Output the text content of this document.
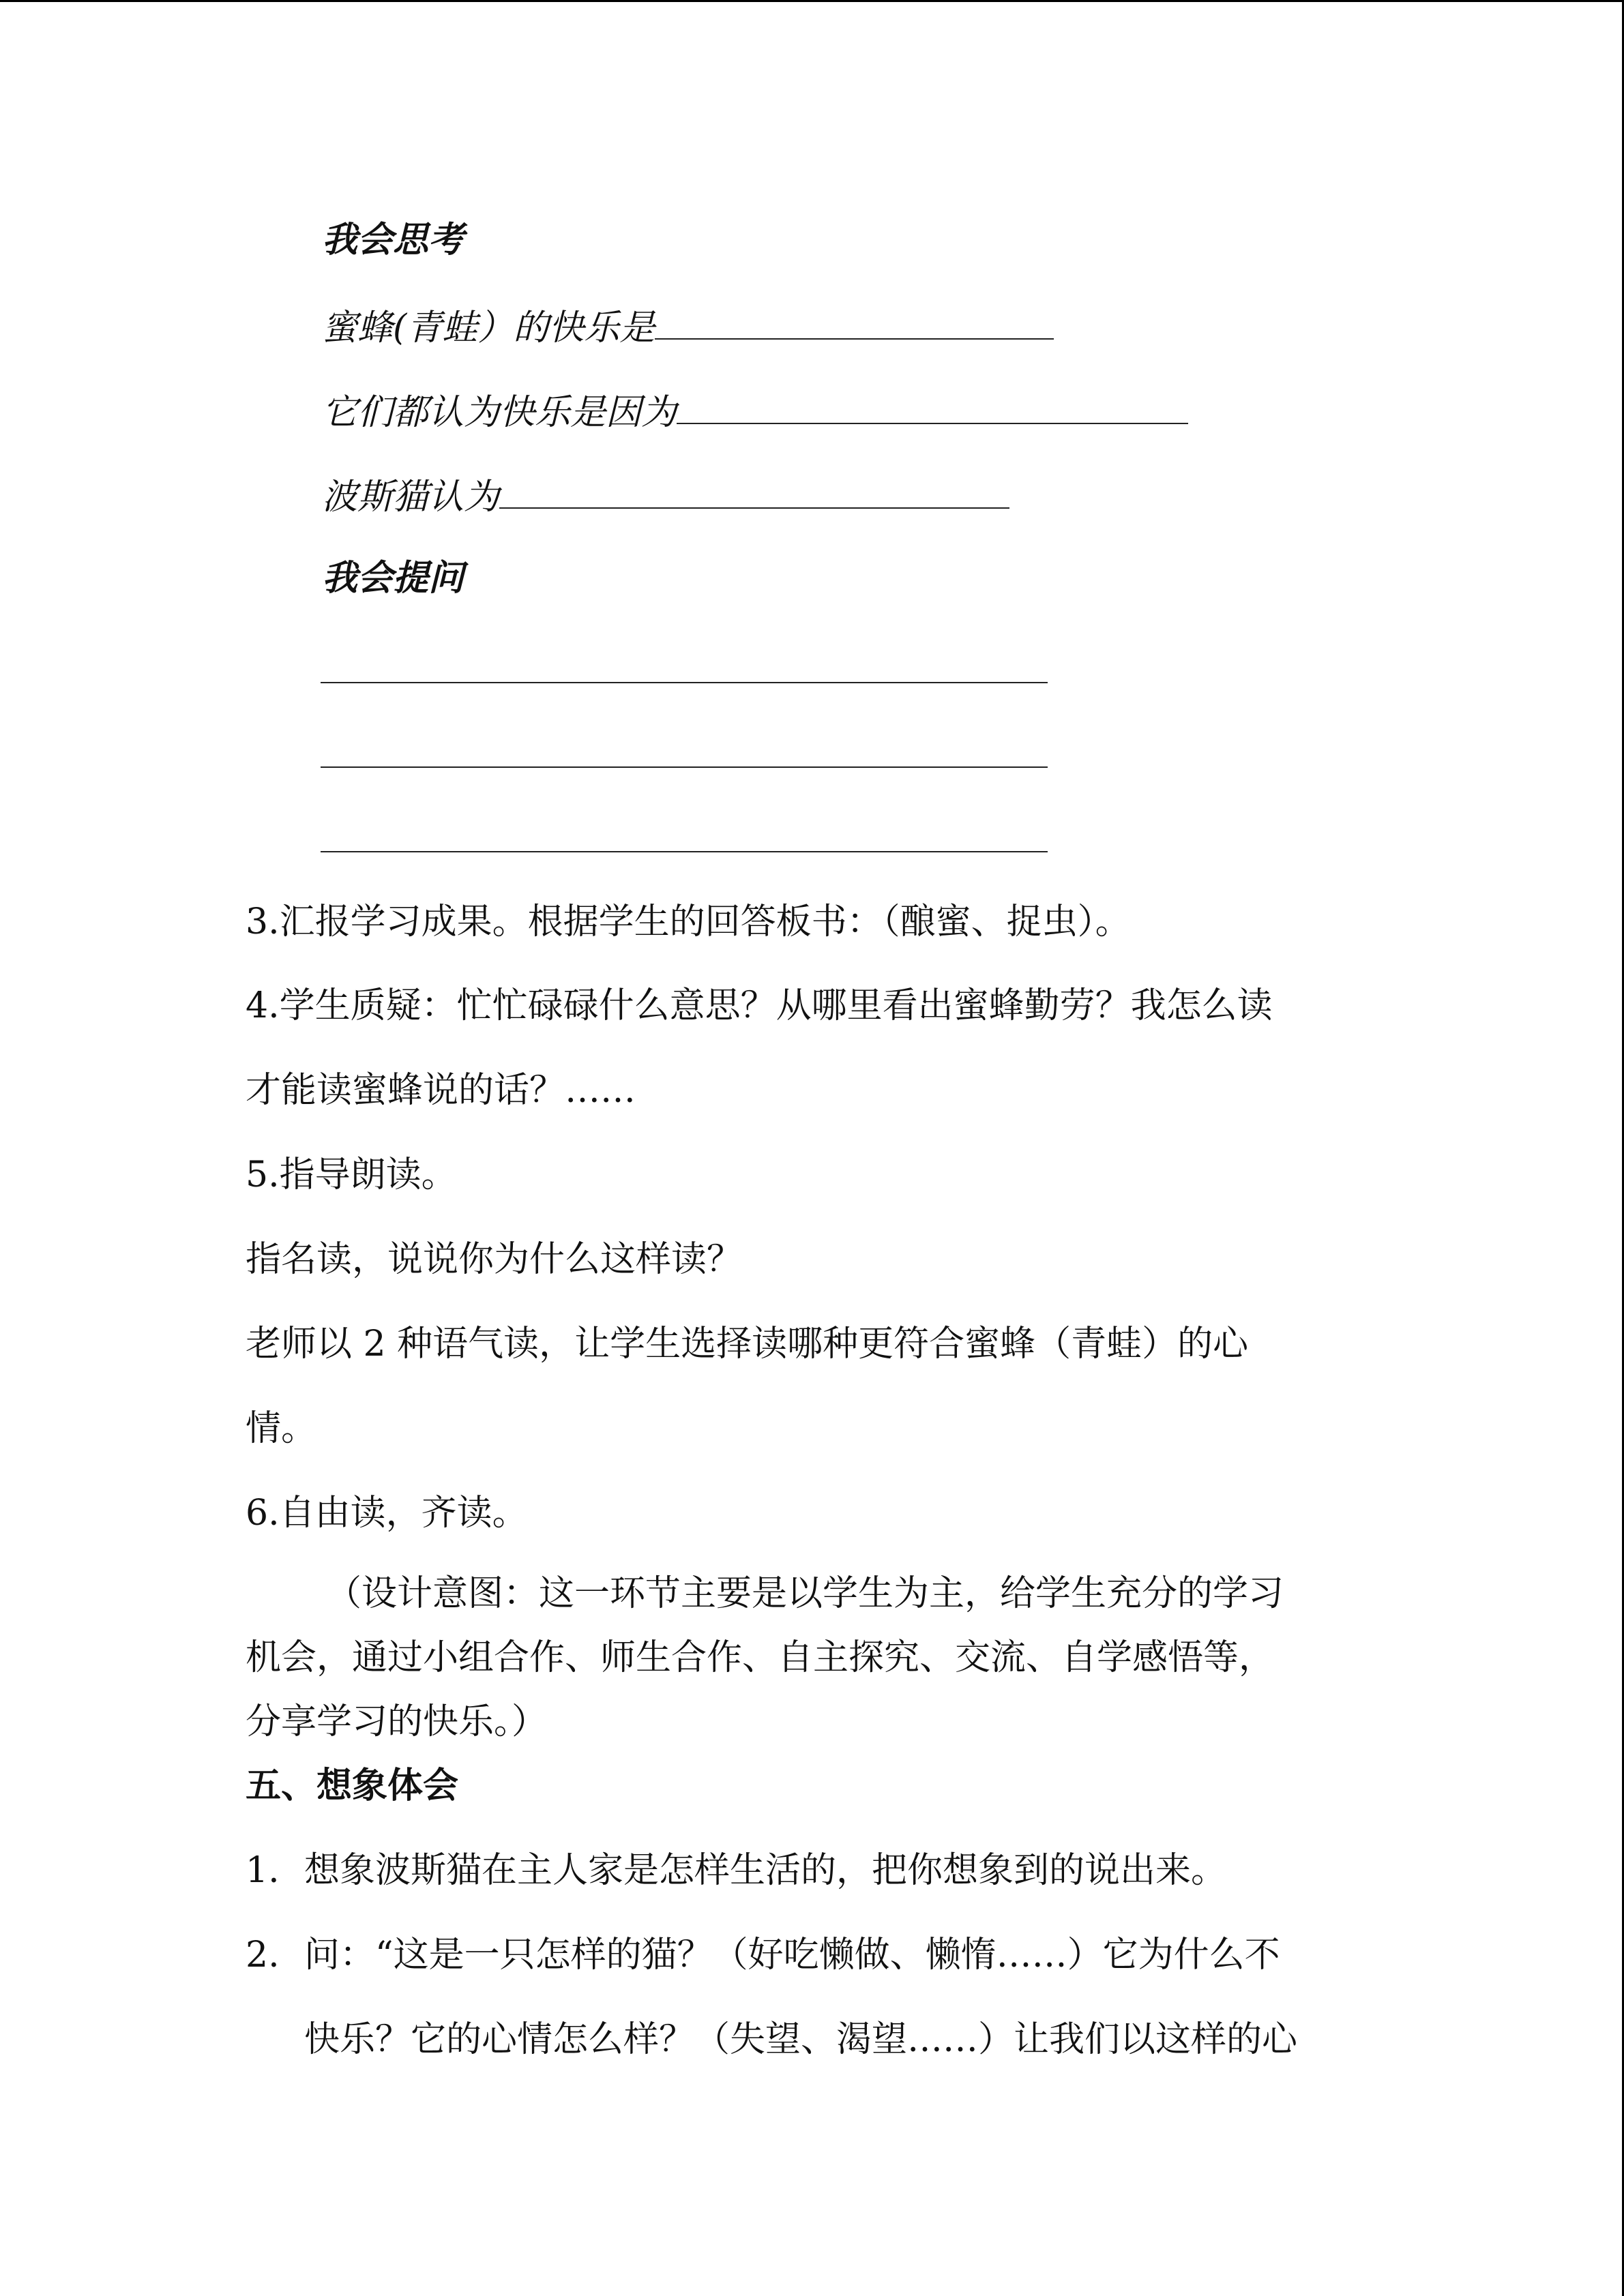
我会思考
蜜蜂(青蛙）的快乐是
它们都认为快乐是因为
波斯猫认为
我会提问
3.汇报学习成果。根据学生的回答板书：（酿蜜、捉虫）。
4.学生质疑：忙忙碌碌什么意思？从哪里看出蜜蜂勤劳？我怎么读
才能读蜜蜂说的话？……
5.指导朗读。
指名读，说说你为什么这样读？
老师以 2 种语气读，让学生选择读哪种更符合蜜蜂（青蛙）的心
情。
6.自由读，齐读。
（设计意图：这一环节主要是以学生为主，给学生充分的学习
机会，通过小组合作、师生合作、自主探究、交流、自学感悟等，
分享学习的快乐。）
五、想象体会
1. 想象波斯猫在主人家是怎样生活的，把你想象到的说出来。
2. 问：“这是一只怎样的猫？（好吃懒做、懒惰……）它为什么不
快乐？它的心情怎么样？（失望、渴望……）让我们以这样的心
